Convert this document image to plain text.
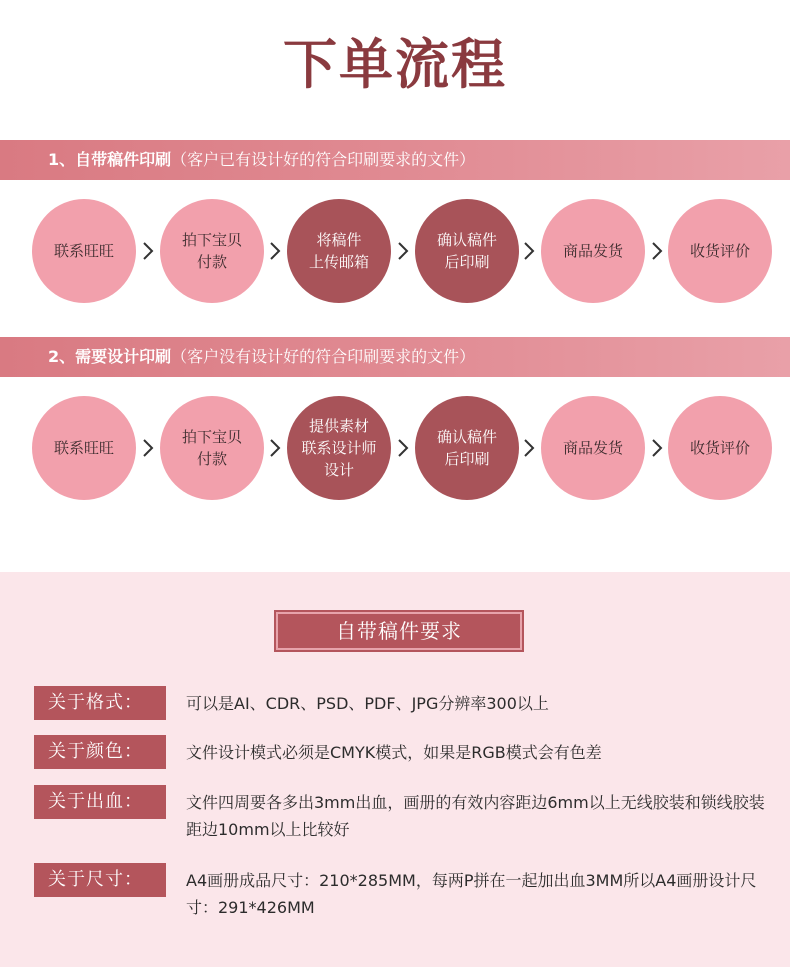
下单流程
1、自带稿件印刷（客户已有设计好的符合印刷要求的文件）
联系旺旺
拍下宝贝
付款
将稿件
上传邮箱
确认稿件
后印刷
商品发货	收货评价
2、需要设计印刷（客户没有设计好的符合印刷要求的文件）
联系旺旺
拍下宝贝
付款
提供素材
联系设计师
设计
确认稿件
后印刷
商品发货	收货评价
自带稿件要求
关于格式：	可以是AI、CDR、PSD、PDF、JPG分辨率300以上
关于颜色：	文件设计模式必须是CMYK模式，如果是RGB模式会有色差
关于出血：	文件四周要各多出3mm出血，画册的有效内容距边6mm以上无线胶装和锁线胶装距边10mm以上比较好
关于尺寸：	A4画册成品尺寸：210*285MM，每两P拼在一起加出血3MM所以A4画册设计尺寸：291*426MM
